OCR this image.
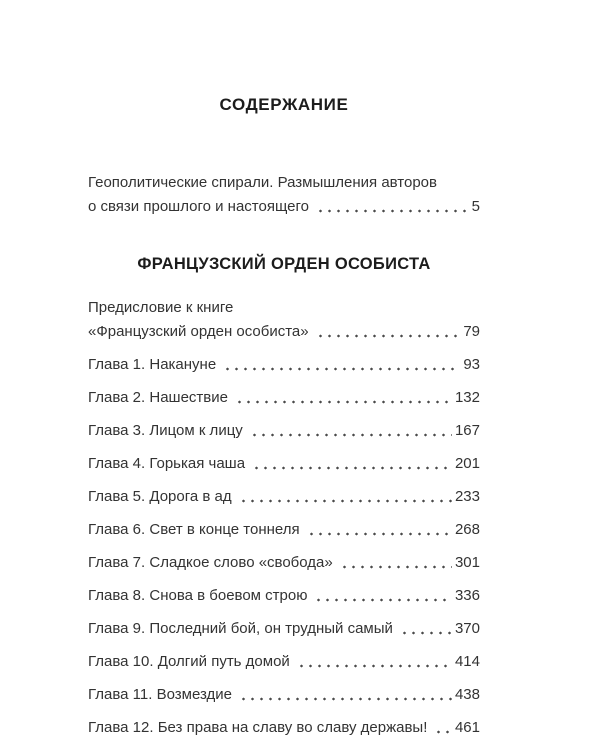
СОДЕРЖАНИЕ
Геополитические спирали. Размышления авторов
о связи прошлого и настоящего	5
ФРАНЦУЗСКИЙ ОРДЕН ОСОБИСТА
Предисловие к книге
«Французский орден особиста»	79
Глава 1. Накануне	93
Глава 2. Нашествие	132
Глава 3. Лицом к лицу	167
Глава 4. Горькая чаша	201
Глава 5. Дорога в ад	233
Глава 6. Свет в конце тоннеля	268
Глава 7. Сладкое слово «свобода»	301
Глава 8. Снова в боевом строю	336
Глава 9. Последний бой, он трудный самый	370
Глава 10. Долгий путь домой	414
Глава 11. Возмездие	438
Глава 12. Без права на славу во славу державы! 461
